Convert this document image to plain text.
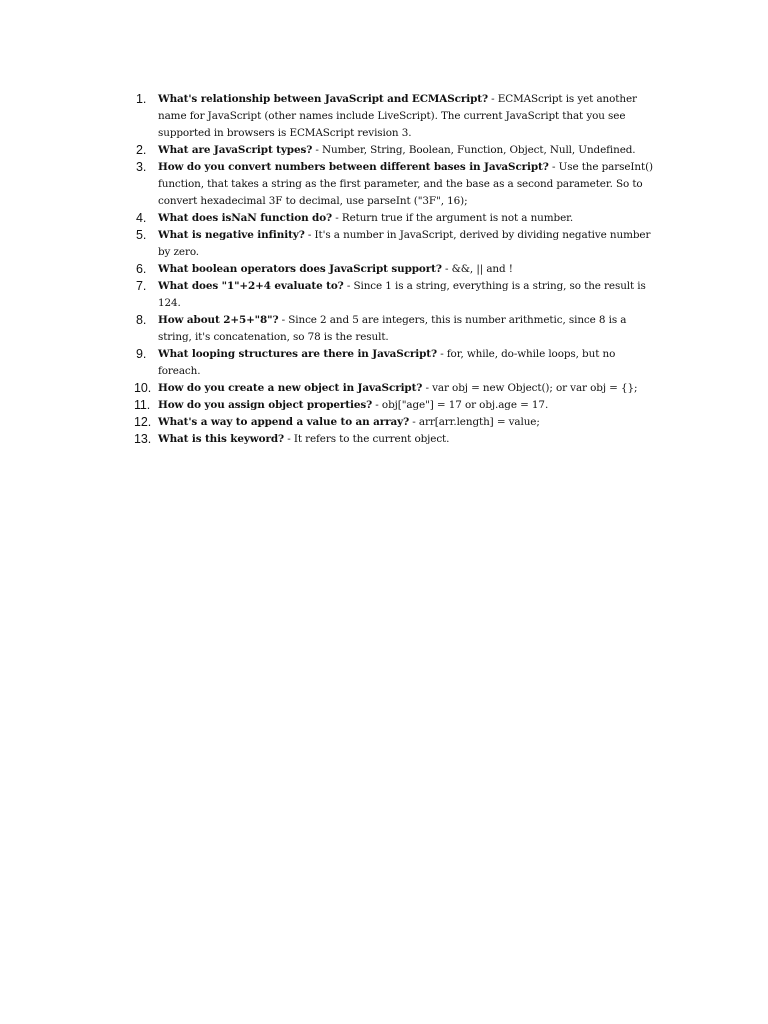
1.	What's relationship between JavaScript and ECMAScript? - ECMAScript is yet another name for JavaScript (other names include LiveScript). The current JavaScript that you see supported in browsers is ECMAScript revision 3.
2.	What are JavaScript types? - Number, String, Boolean, Function, Object, Null, Undefined.
3.	How do you convert numbers between different bases in JavaScript? - Use the parseInt() function, that takes a string as the first parameter, and the base as a second parameter. So to convert hexadecimal 3F to decimal, use parseInt ("3F", 16);
4.	What does isNaN function do? - Return true if the argument is not a number.
5.	What is negative infinity? - It's a number in JavaScript, derived by dividing negative number by zero.
6.	What boolean operators does JavaScript support? - &&, || and !
7.	What does "1"+2+4 evaluate to? - Since 1 is a string, everything is a string, so the result is 124.
8.	How about 2+5+"8"? - Since 2 and 5 are integers, this is number arithmetic, since 8 is a string, it's concatenation, so 78 is the result.
9.	What looping structures are there in JavaScript? - for, while, do-while loops, but no foreach.
10. How do you create a new object in JavaScript? - var obj = new Object(); or var obj = {};
11. How do you assign object properties? - obj["age"] = 17 or obj.age = 17.
12. What's a way to append a value to an array? - arr[arr.length] = value;
13. What is this keyword? - It refers to the current object.
